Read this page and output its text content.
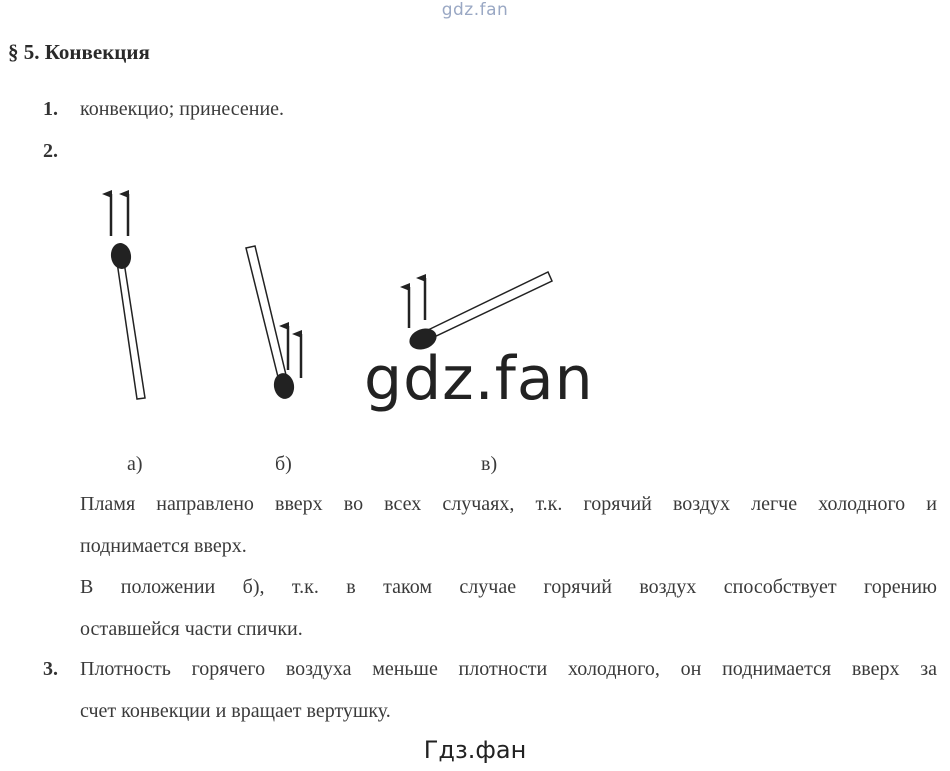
gdz.fan
§ 5. Конвекция
1. конвекцио; принесение.
2.
gdz.fan
а)	б)	в)
Пламя направлено вверх во всех случаях, т.к. горячий воздух легче холодного и
поднимается вверх.
В положении б), т.к. в таком случае горячий воздух способствует горению
оставшейся части спички.
3. Плотность горячего воздуха меньше плотности холодного, он поднимается вверх за
счет конвекции и вращает вертушку.
Гдз.фан
